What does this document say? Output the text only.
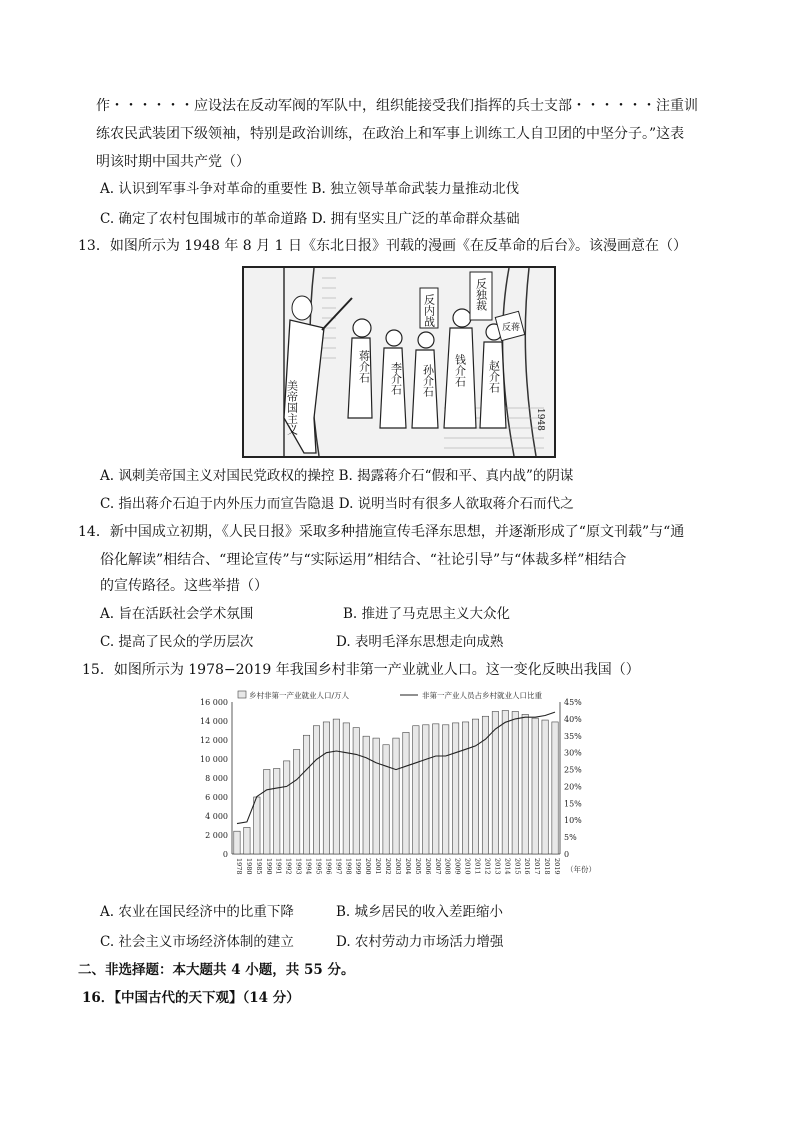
作・・・・・・应设法在反动军阀的军队中，组织能接受我们指挥的兵士支部・・・・・・注重训
练农民武装团下级领袖，特别是政治训练，在政治上和军事上训练工人自卫团的中坚分子。”这表
明该时期中国共产党（）
A. 认识到军事斗争对革命的重要性 B. 独立领导革命武装力量推动北伐
C. 确定了农村包围城市的革命道路 D. 拥有坚实且广泛的革命群众基础
13．如图所示为 1948 年 8 月 1 日《东北日报》刊载的漫画《在反革命的后台》。该漫画意在（）
美帝国主义
蒋介石 李介石
反内战
孙介石 钱介石
反独裁
赵介石
反蒋
1948
A. 讽刺美帝国主义对国民党政权的操控 B. 揭露蒋介石“假和平、真内战”的阴谋
C. 指出蒋介石迫于内外压力而宣告隐退 D. 说明当时有很多人欲取蒋介石而代之
14．新中国成立初期，《人民日报》采取多种措施宣传毛泽东思想，并逐渐形成了“原文刊载”与“通
俗化解读”相结合、“理论宣传”与“实际运用”相结合、“社论引导”与“体裁多样”相结合
的宣传路径。这些举措（）
A. 旨在活跃社会学术氛围	B. 推进了马克思主义大众化
C. 提高了民众的学历层次	D. 表明毛泽东思想走向成熟
15．如图所示为 1978−2019 年我国乡村非第一产业就业人口。这一变化反映出我国（）
0
2 000
4 000
6 000
8 000
10 000
12 000
14 000
16 000
0
5%
10%
15%
20%
25%
30%
35%
40%
45%
1978 1980 1985 1990 1991 1992 1993 1994 1995 1996 1997 1998 1999 2000 2001 2002 2003 2004 2005 2006 2007 2008 2009 2010 2011 2012 2013 2014 2015 2016 2017 2018 2019 （年份）
乡村非第一产业就业人口/万人	非第一产业人员占乡村就业人口比重
A. 农业在国民经济中的比重下降	B. 城乡居民的收入差距缩小
C. 社会主义市场经济体制的建立	D. 农村劳动力市场活力增强
二、非选择题：本大题共 4 小题，共 55 分。
16．【中国古代的天下观】（14 分）
